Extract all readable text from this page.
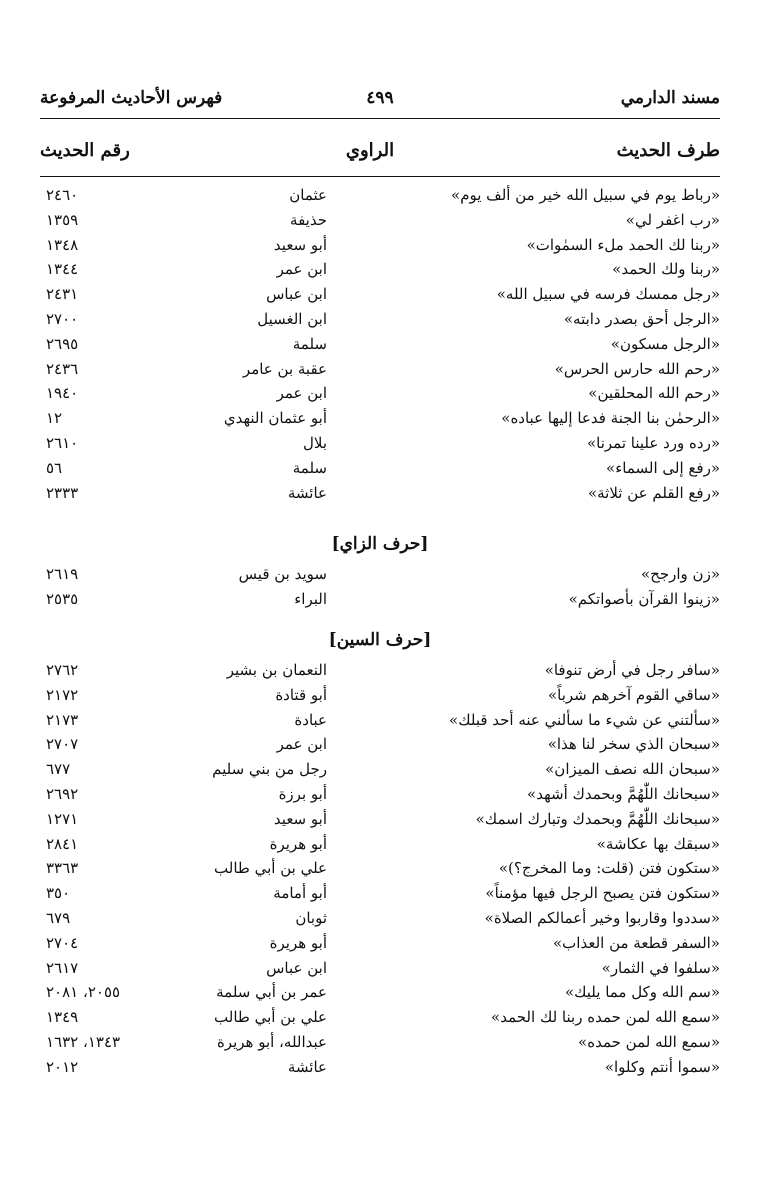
مسند الدارمي
٤٩٩
فهرس الأحاديث المرفوعة
طرف الحديث
الراوي
رقم الحديث
«رباط يوم في سبيل الله خير من ألف يوم»
عثمان
٢٤٦٠
«رب اغفر لي»
حذيفة
١٣٥٩
«ربنا لك الحمد ملء السمٰوات»
أبو سعيد
١٣٤٨
«ربنا ولك الحمد»
ابن عمر
١٣٤٤
«رجل ممسك فرسه في سبيل الله»
ابن عباس
٢٤٣١
«الرجل أحق بصدر دابته»
ابن الغسيل
٢٧٠٠
«الرجل مسكون»
سلمة
٢٦٩٥
«رحم الله حارس الحرس»
عقبة بن عامر
٢٤٣٦
«رحم الله المحلقين»
ابن عمر
١٩٤٠
«الرحمٰن بنا الجنة فدعا إليها عباده»
أبو عثمان النهدي
١٢
«رده ورد علينا تمرنا»
بلال
٢٦١٠
«رفع إلى السماء»
سلمة
٥٦
«رفع القلم عن ثلاثة»
عائشة
٢٣٣٣
[حرف الزاي]
«زن وارجح»
سويد بن قيس
٢٦١٩
«زينوا القرآن بأصواتكم»
البراء
٢٥٣٥
[حرف السين]
«سافر رجل في أرض تنوفا»
النعمان بن بشير
٢٧٦٢
«ساقي القوم آخرهم شرباً»
أبو قتادة
٢١٧٢
«سألتني عن شيء ما سألني عنه أحد قبلك»
عبادة
٢١٧٣
«سبحان الذي سخر لنا هذا»
ابن عمر
٢٧٠٧
«سبحان الله نصف الميزان»
رجل من بني سليم
٦٧٧
«سبحانك اللّٰهُمَّ وبحمدك أشهد»
أبو برزة
٢٦٩٢
«سبحانك اللّٰهُمَّ وبحمدك وتبارك اسمك»
أبو سعيد
١٢٧١
«سبقك بها عكاشة»
أبو هريرة
٢٨٤١
«ستكون فتن (قلت: وما المخرج؟)»
علي بن أبي طالب
٣٣٦٣
«ستكون فتن يصبح الرجل فيها مؤمناً»
أبو أمامة
٣٥٠
«سددوا وقاربوا وخير أعمالكم الصلاة»
ثوبان
٦٧٩
«السفر قطعة من العذاب»
أبو هريرة
٢٧٠٤
«سلفوا في الثمار»
ابن عباس
٢٦١٧
«سم الله وكل مما يليك»
عمر بن أبي سلمة
٢٠٥٥، ٢٠٨١
«سمع الله لمن حمده ربنا لك الحمد»
علي بن أبي طالب
١٣٤٩
«سمع الله لمن حمده»
عبدالله، أبو هريرة
١٣٤٣، ١٦٣٢
«سموا أنتم وكلوا»
عائشة
٢٠١٢
